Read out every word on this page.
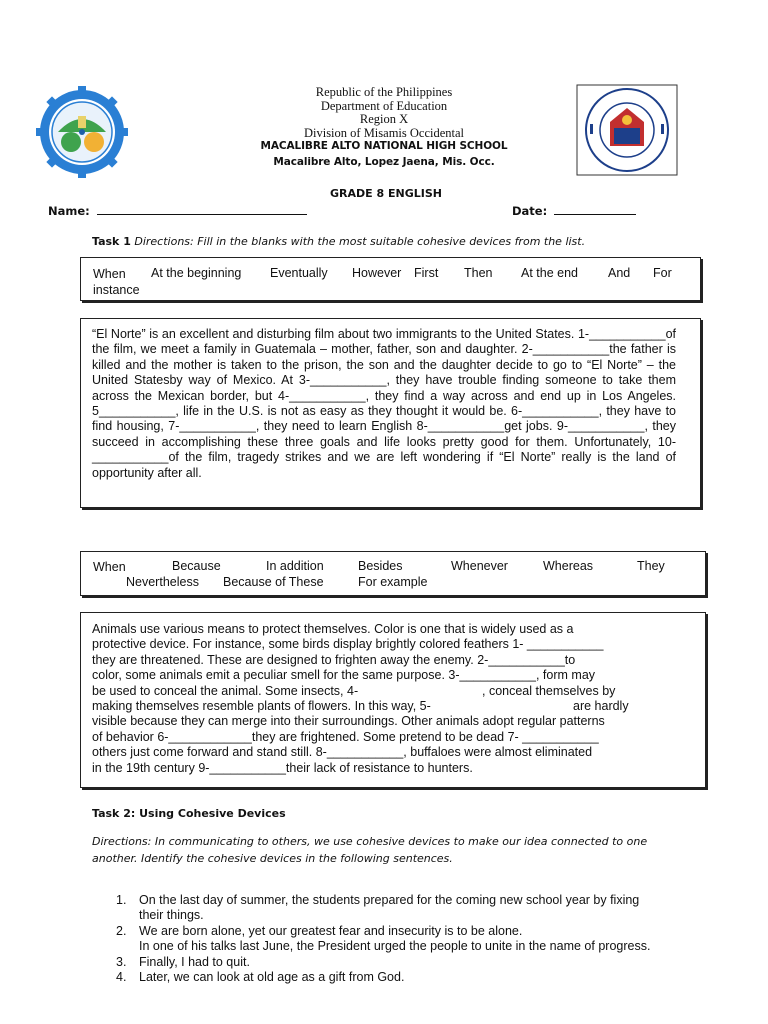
Republic of the Philippines
Department of Education
Region X
Division of Misamis Occidental
MACALIBRE ALTO NATIONAL HIGH SCHOOL
Macalibre Alto, Lopez Jaena, Mis. Occ.
GRADE 8 ENGLISH
Name:	Date:
Task 1 Directions: Fill in the blanks with the most suitable cohesive devices from the list.
When At the beginning Eventually However First Then At the end And For
instance

“El Norte” is an excellent and disturbing film about two immigrants to the United States. 1-___________of the film, we meet a family in Guatemala – mother, father, son and daughter. 2-___________the father is killed and the mother is taken to the prison, the son and the daughter decide to go to “El Norte” – the United Statesby way of Mexico. At 3-___________, they have trouble finding someone to take them across the Mexican border, but 4-___________, they find a way across and end up in Los Angeles. 5___________, life in the U.S. is not as easy as they thought it would be. 6-___________, they have to find housing, 7-___________, they need to learn English 8-___________get jobs. 9-___________, they succeed in accomplishing these three goals and life looks pretty good for them. Unfortunately, 10-___________of the film, tragedy strikes and we are left wondering if “El Norte” really is the land of opportunity after all.

When	Because	In addition	Besides	Whenever	Whereas	They
Nevertheless Because of These	For example
Animals use various means to protect themselves. Color is one that is widely used as a
protective device. For instance, some birds display brightly colored feathers 1- ___________
they are threatened. These are designed to frighten away the enemy. 2-___________to
color, some animals emit a peculiar smell for the same purpose. 3-___________, form may
be used to conceal the animal. Some insects, 4-	, conceal themselves by
making themselves resemble plants of flowers. In this way, 5-	are hardly
visible because they can merge into their surroundings. Other animals adopt regular patterns
of behavior 6-____________they are frightened. Some pretend to be dead 7- ___________
others just come forward and stand still. 8-___________, buffaloes were almost eliminated
in the 19th century 9-___________their lack of resistance to hunters.
Task 2: Using Cohesive Devices
Directions: In communicating to others, we use cohesive devices to make our idea connected to one another. Identify the cohesive devices in the following sentences.
1. On the last day of summer, the students prepared for the coming new school year by fixing their things.
2. We are born alone, yet our greatest fear and insecurity is to be alone.
In one of his talks last June, the President urged the people to unite in the name of progress.
3. Finally, I had to quit.
4. Later, we can look at old age as a gift from God.
